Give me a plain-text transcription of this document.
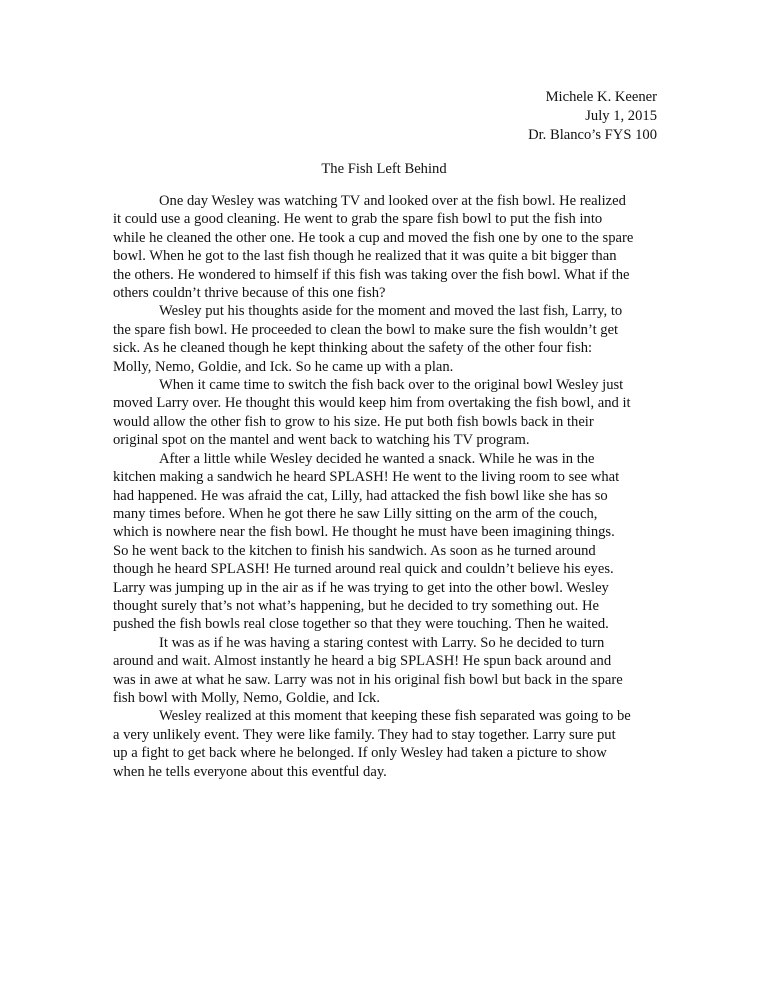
Michele K. Keener
July 1, 2015
Dr. Blanco’s FYS 100
The Fish Left Behind
One day Wesley was watching TV and looked over at the fish bowl. He realized
it could use a good cleaning. He went to grab the spare fish bowl to put the fish into
while he cleaned the other one. He took a cup and moved the fish one by one to the spare
bowl. When he got to the last fish though he realized that it was quite a bit bigger than
the others. He wondered to himself if this fish was taking over the fish bowl. What if the
others couldn’t thrive because of this one fish?
Wesley put his thoughts aside for the moment and moved the last fish, Larry, to
the spare fish bowl. He proceeded to clean the bowl to make sure the fish wouldn’t get
sick. As he cleaned though he kept thinking about the safety of the other four fish:
Molly, Nemo, Goldie, and Ick. So he came up with a plan.
When it came time to switch the fish back over to the original bowl Wesley just
moved Larry over. He thought this would keep him from overtaking the fish bowl, and it
would allow the other fish to grow to his size. He put both fish bowls back in their
original spot on the mantel and went back to watching his TV program.
After a little while Wesley decided he wanted a snack. While he was in the
kitchen making a sandwich he heard SPLASH! He went to the living room to see what
had happened. He was afraid the cat, Lilly, had attacked the fish bowl like she has so
many times before. When he got there he saw Lilly sitting on the arm of the couch,
which is nowhere near the fish bowl. He thought he must have been imagining things.
So he went back to the kitchen to finish his sandwich. As soon as he turned around
though he heard SPLASH! He turned around real quick and couldn’t believe his eyes.
Larry was jumping up in the air as if he was trying to get into the other bowl. Wesley
thought surely that’s not what’s happening, but he decided to try something out. He
pushed the fish bowls real close together so that they were touching. Then he waited.
It was as if he was having a staring contest with Larry. So he decided to turn
around and wait. Almost instantly he heard a big SPLASH! He spun back around and
was in awe at what he saw. Larry was not in his original fish bowl but back in the spare
fish bowl with Molly, Nemo, Goldie, and Ick.
Wesley realized at this moment that keeping these fish separated was going to be
a very unlikely event. They were like family. They had to stay together. Larry sure put
up a fight to get back where he belonged. If only Wesley had taken a picture to show
when he tells everyone about this eventful day.
